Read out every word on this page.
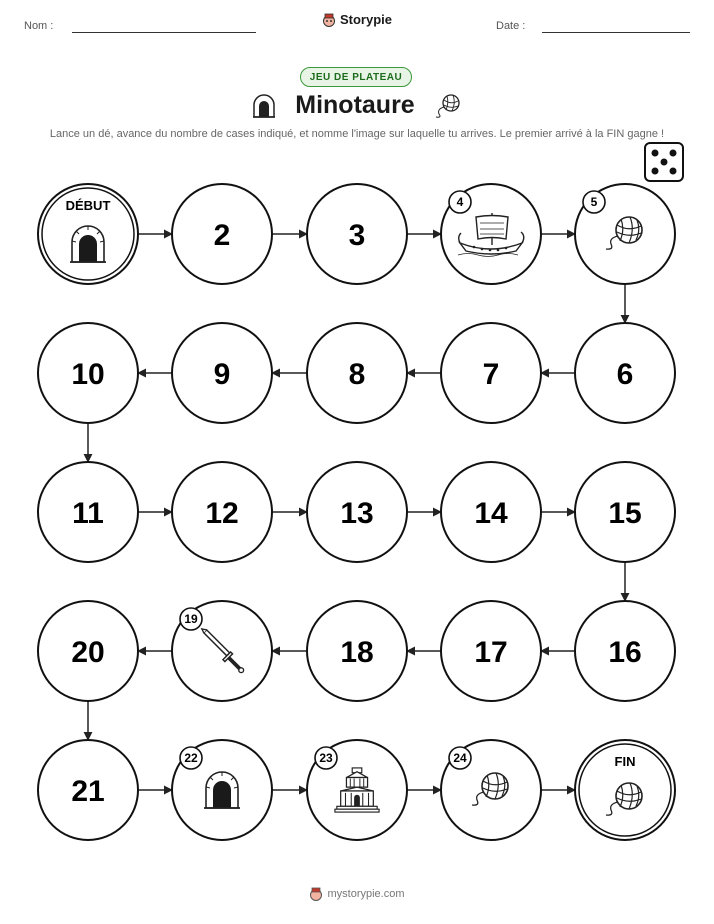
Nom :	Storypie	Date :
JEU DE PLATEAU
Minotaure
Lance un dé, avance du nombre de cases indiqué, et nomme l'image sur laquelle tu arrives. Le premier arrivé à la FIN gagne !
DÉBUT
2	3
4	5
6
7
8
9
10
11	12	13	14	15
16
17
18
19
20
21
22	23	24	FIN
mystorypie.com
